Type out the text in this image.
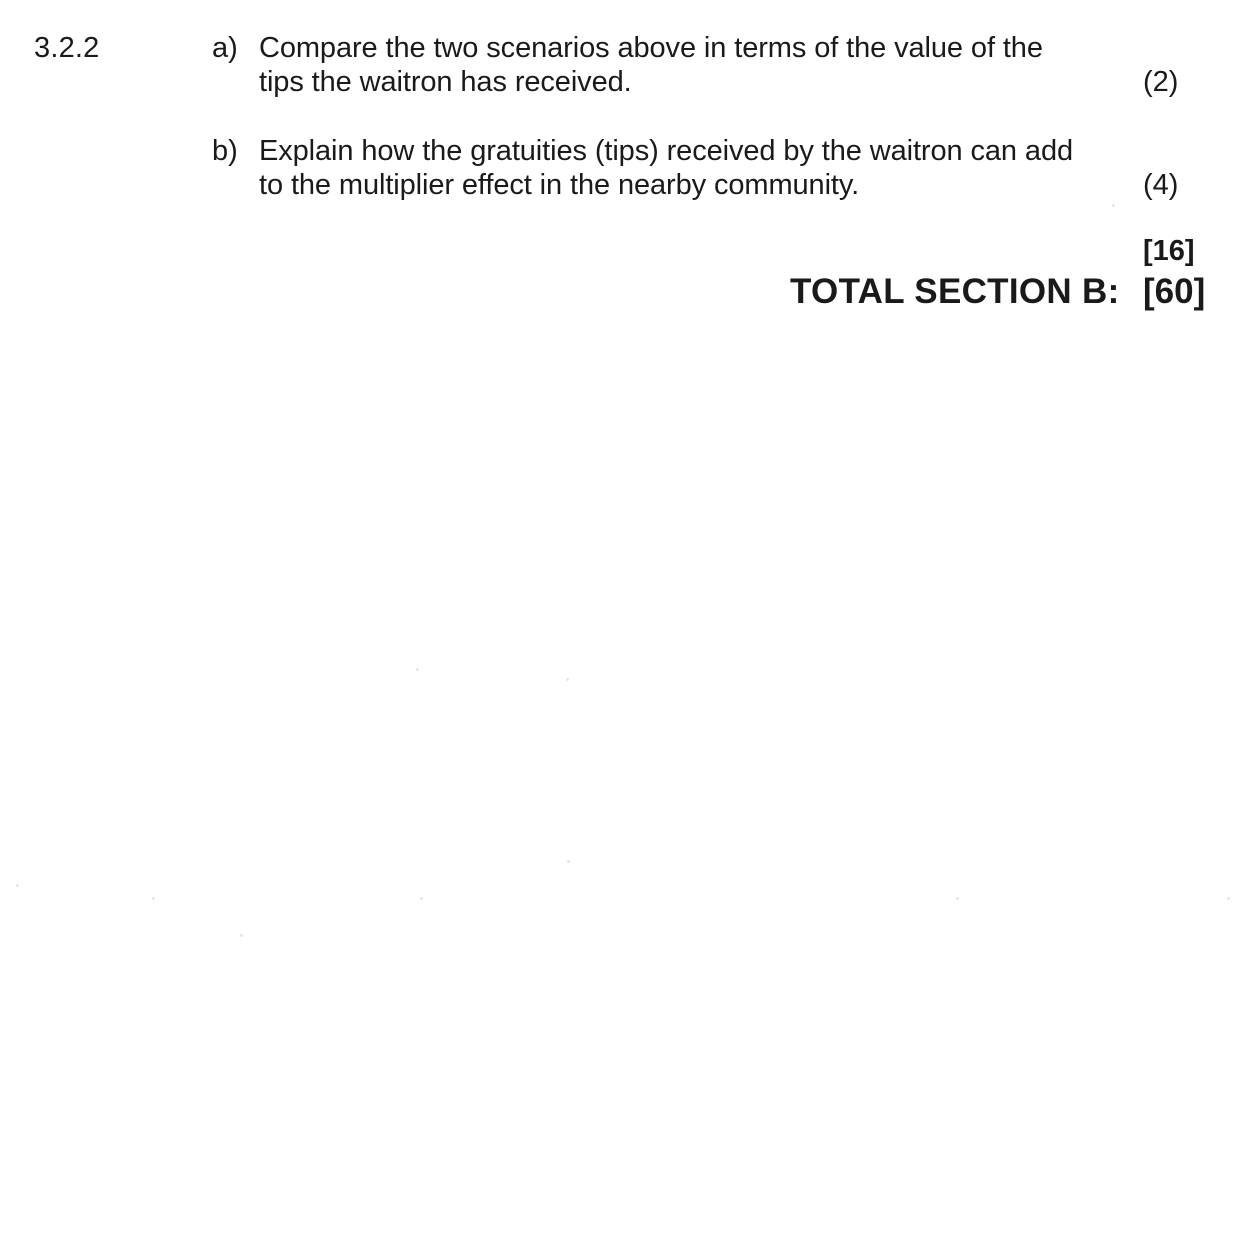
3.2.2	a) Compare the two scenarios above in terms of the value of the
tips the waitron has received.	(2)
b) Explain how the gratuities (tips) received by the waitron can add
to the multiplier effect in the nearby community.	(4)
[16]
TOTAL SECTION B: [60]
